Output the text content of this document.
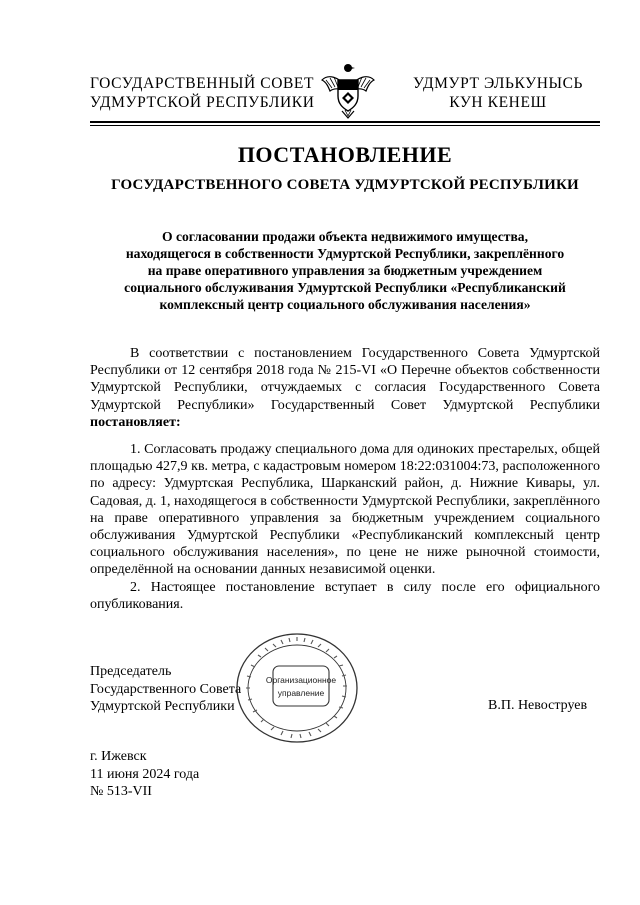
ГОСУДАРСТВЕННЫЙ СОВЕТ
УДМУРТСКОЙ РЕСПУБЛИКИ
УДМУРТ ЭЛЬКУНЫСЬ
КУН КЕНЕШ
ПОСТАНОВЛЕНИЕ
ГОСУДАРСТВЕННОГО СОВЕТА УДМУРТСКОЙ РЕСПУБЛИКИ
О согласовании продажи объекта недвижимого имущества,
находящегося в собственности Удмуртской Республики, закреплённого
на праве оперативного управления за бюджетным учреждением
социального обслуживания Удмуртской Республики «Республиканский
комплексный центр социального обслуживания населения»

В соответствии с постановлением Государственного Совета Удмуртской Республики от 12 сентября 2018 года № 215-VI «О Перечне объектов собственности Удмуртской Республики, отчуждаемых с согласия Государственного Совета Удмуртской Республики» Государственный Совет Удмуртской Республики постановляет:

1. Согласовать продажу специального дома для одиноких престарелых, общей площадью 427,9 кв. метра, с кадастровым номером 18:22:031004:73, расположенного по адресу: Удмуртская Республика, Шарканский район, д. Нижние Кивары, ул. Садовая, д. 1, находящегося в собственности Удмуртской Республики, закреплённого на праве оперативного управления за бюджетным учреждением социального обслуживания Удмуртской Республики «Республиканский комплексный центр социального обслуживания населения», по цене не ниже рыночной стоимости, определённой на основании данных независимой оценки.

2. Настоящее постановление вступает в силу после его официального опубликования.

Председатель
Государственного Совета
Удмуртской Республики
Организационное
управление
В.П. Невоструев
г. Ижевск
11 июня 2024 года
№ 513-VII
